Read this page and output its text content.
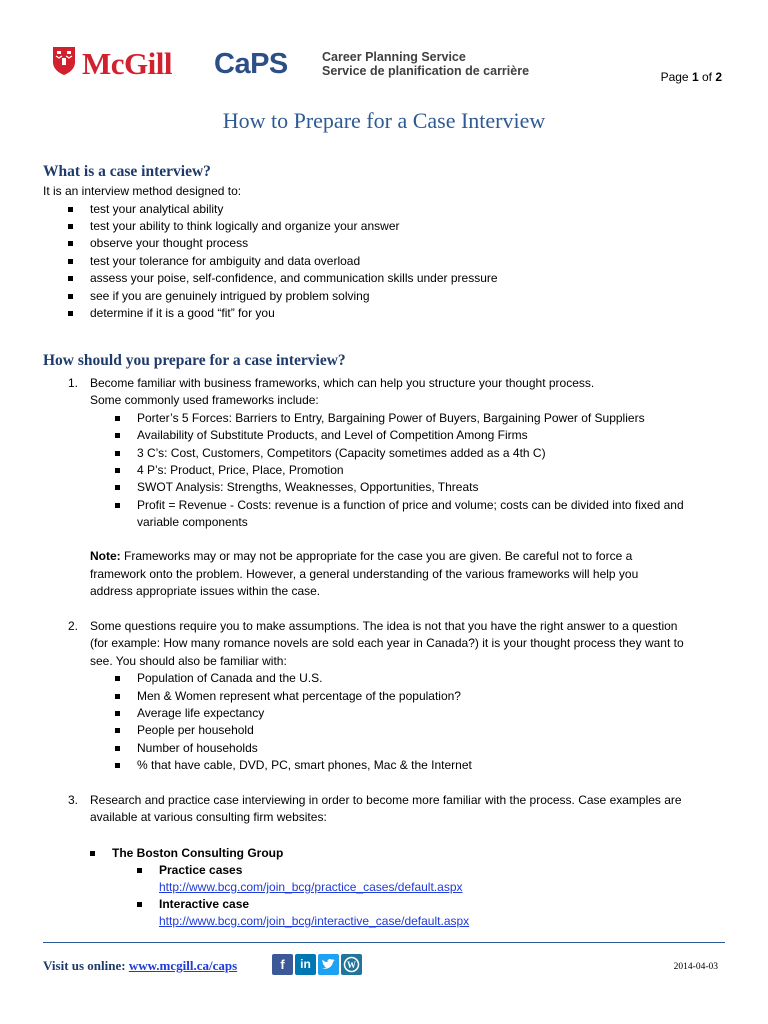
McGill CaPS	Career Planning Service
Service de planification de carrière	Page 1 of 2
How to Prepare for a Case Interview
What is a case interview?
It is an interview method designed to:
test your analytical ability
test your ability to think logically and organize your answer
observe your thought process
test your tolerance for ambiguity and data overload
assess your poise, self-confidence, and communication skills under pressure
see if you are genuinely intrigued by problem solving
determine if it is a good “fit” for you
How should you prepare for a case interview?
1. Become familiar with business frameworks, which can help you structure your thought process.
Some commonly used frameworks include:
Porter’s 5 Forces: Barriers to Entry, Bargaining Power of Buyers, Bargaining Power of Suppliers
Availability of Substitute Products, and Level of Competition Among Firms
3 C’s: Cost, Customers, Competitors (Capacity sometimes added as a 4th C)
4 P’s: Product, Price, Place, Promotion
SWOT Analysis: Strengths, Weaknesses, Opportunities, Threats
Profit = Revenue - Costs: revenue is a function of price and volume; costs can be divided into fixed and
variable components
Note: Frameworks may or may not be appropriate for the case you are given. Be careful not to force a
framework onto the problem. However, a general understanding of the various frameworks will help you
address appropriate issues within the case.
2. Some questions require you to make assumptions. The idea is not that you have the right answer to a question
(for example: How many romance novels are sold each year in Canada?) it is your thought process they want to
see. You should also be familiar with:
Population of Canada and the U.S.
Men & Women represent what percentage of the population?
Average life expectancy
People per household
Number of households
% that have cable, DVD, PC, smart phones, Mac & the Internet
3. Research and practice case interviewing in order to become more familiar with the process. Case examples are
available at various consulting firm websites:
The Boston Consulting Group
Practice cases
http://www.bcg.com/join_bcg/practice_cases/default.aspx
Interactive case
http://www.bcg.com/join_bcg/interactive_case/default.aspx
Visit us online: www.mcgill.ca/caps	f	in	W	2014-04-03
